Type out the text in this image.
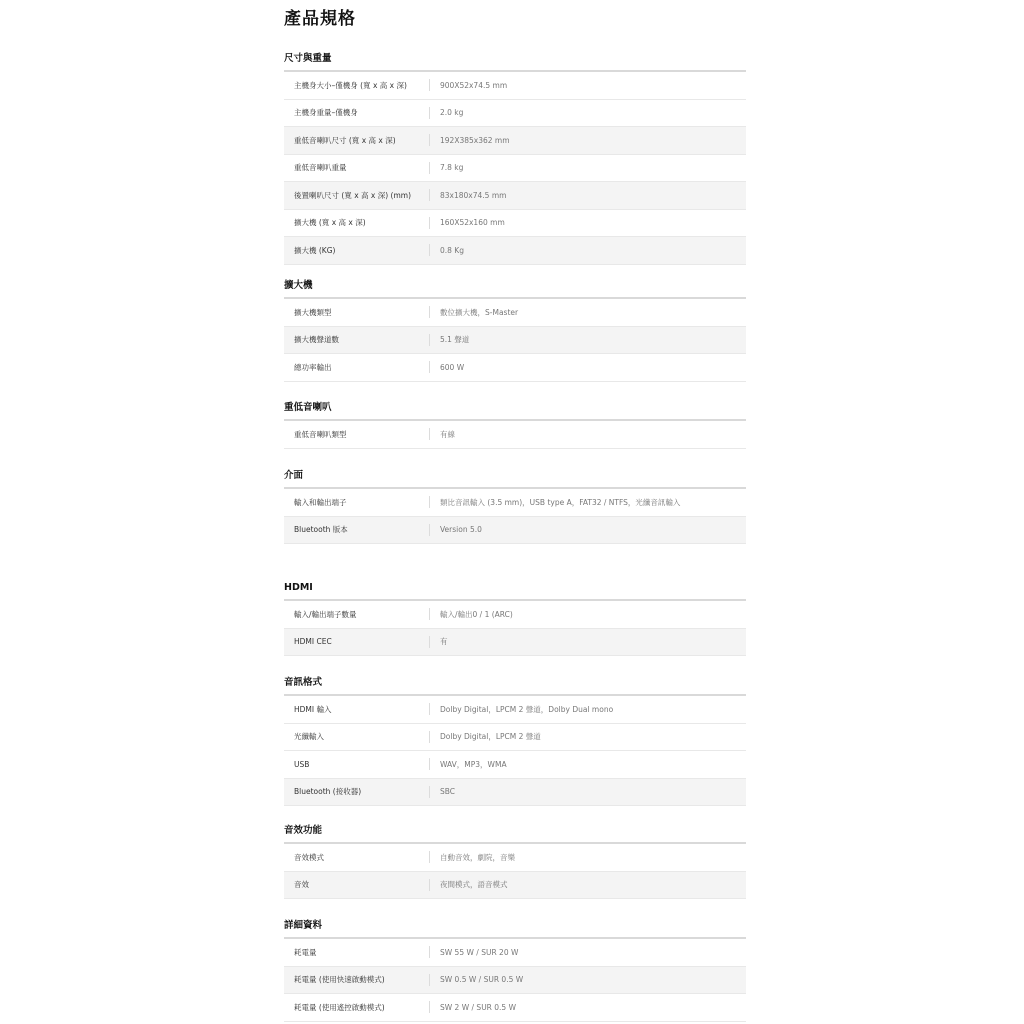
產品規格
尺寸與重量
主機身大小–僅機身 (寬 x 高 x 深)	900X52x74.5 mm
主機身重量–僅機身	2.0 kg
重低音喇叭尺寸 (寬 x 高 x 深)	192X385x362 mm
重低音喇叭重量	7.8 kg
後置喇叭尺寸 (寬 x 高 x 深) (mm)	83x180x74.5 mm
擴大機 (寬 x 高 x 深)	160X52x160 mm
擴大機 (KG)	0.8 Kg
擴大機
擴大機類型	數位擴大機，S-Master
擴大機聲道數	5.1 聲道
總功率輸出	600 W
重低音喇叭
重低音喇叭類型	有線
介面
輸入和輸出端子	類比音訊輸入 (3.5 mm)，USB type A，FAT32 / NTFS，光纖音訊輸入
Bluetooth 版本	Version 5.0
HDMI
輸入/輸出端子數量	輸入/輸出0 / 1 (ARC)
HDMI CEC	有
音訊格式
HDMI 輸入	Dolby Digital，LPCM 2 聲道，Dolby Dual mono
光纖輸入	Dolby Digital，LPCM 2 聲道
USB	WAV，MP3，WMA
Bluetooth (接收器)	SBC
音效功能
音效模式	自動音效，劇院，音樂
音效	夜間模式，語音模式
詳細資料
耗電量	SW 55 W / SUR 20 W
耗電量 (使用快速啟動模式)	SW 0.5 W / SUR 0.5 W
耗電量 (使用遙控啟動模式)	SW 2 W / SUR 0.5 W
